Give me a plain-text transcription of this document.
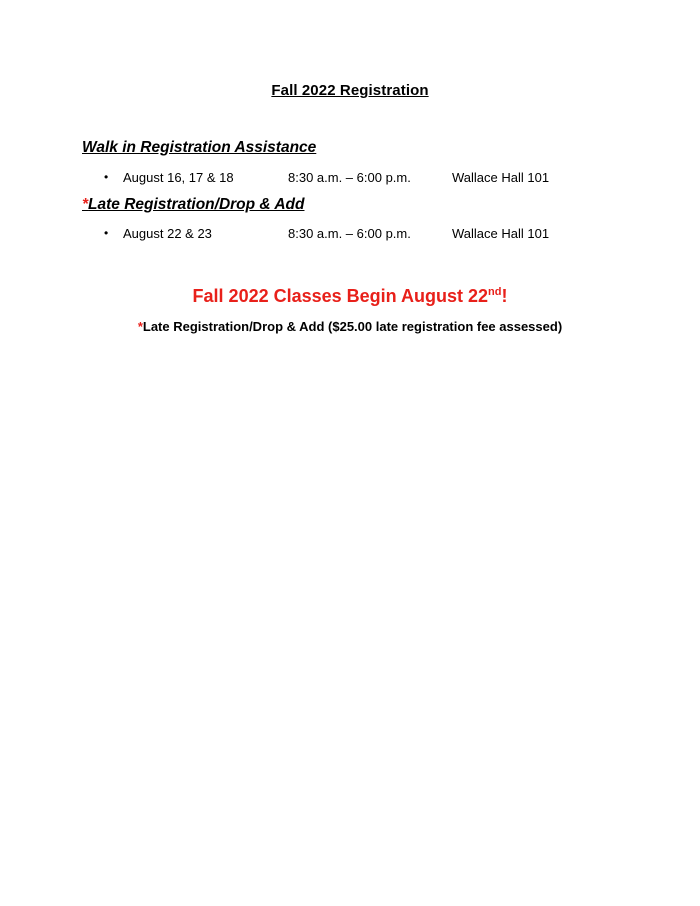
Fall 2022 Registration
Walk in Registration Assistance
• August 16, 17 & 18	8:30 a.m. – 6:00 p.m.	Wallace Hall 101
*Late Registration/Drop & Add
• August 22 & 23	8:30 a.m. – 6:00 p.m.	Wallace Hall 101
Fall 2022 Classes Begin August 22nd!
*Late Registration/Drop & Add ($25.00 late registration fee assessed)
